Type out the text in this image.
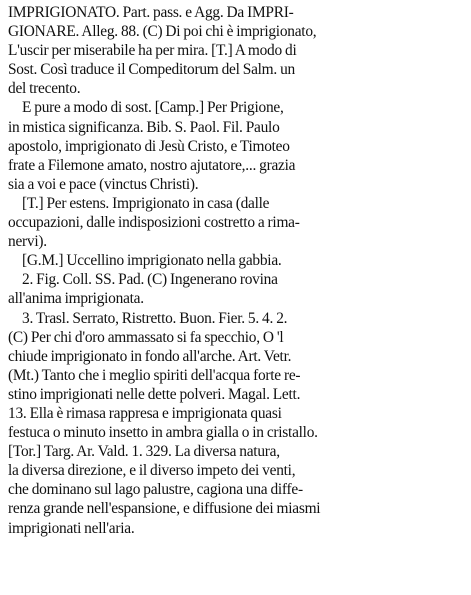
IMPRIGIONATO. Part. pass. e Agg. Da IMPRI-
GIONARE. Alleg. 88. (C) Di poi chi è imprigionato,
L'uscir per miserabile ha per mira. [T.] A modo di
Sost. Così traduce il Compeditorum del Salm. un
del trecento.
E pure a modo di sost. [Camp.] Per Prigione,
in mistica significanza. Bib. S. Paol. Fil. Paulo
apostolo, imprigionato di Jesù Cristo, e Timoteo
frate a Filemone amato, nostro ajutatore,... grazia
sia a voi e pace (vinctus Christi).
[T.] Per estens. Imprigionato in casa (dalle
occupazioni, dalle indisposizioni costretto a rima-
nervi).
[G.M.] Uccellino imprigionato nella gabbia.
2. Fig. Coll. SS. Pad. (C) Ingenerano rovina
all'anima imprigionata.
3. Trasl. Serrato, Ristretto. Buon. Fier. 5. 4. 2.
(C) Per chi d'oro ammassato si fa specchio, O 'l
chiude imprigionato in fondo all'arche. Art. Vetr.
(Mt.) Tanto che i meglio spiriti dell'acqua forte re-
stino imprigionati nelle dette polveri. Magal. Lett.
13. Ella è rimasa rappresa e imprigionata quasi
festuca o minuto insetto in ambra gialla o in cristallo.
[Tor.] Targ. Ar. Vald. 1. 329. La diversa natura,
la diversa direzione, e il diverso impeto dei venti,
che dominano sul lago palustre, cagiona una diffe-
renza grande nell'espansione, e diffusione dei miasmi
imprigionati nell'aria.
